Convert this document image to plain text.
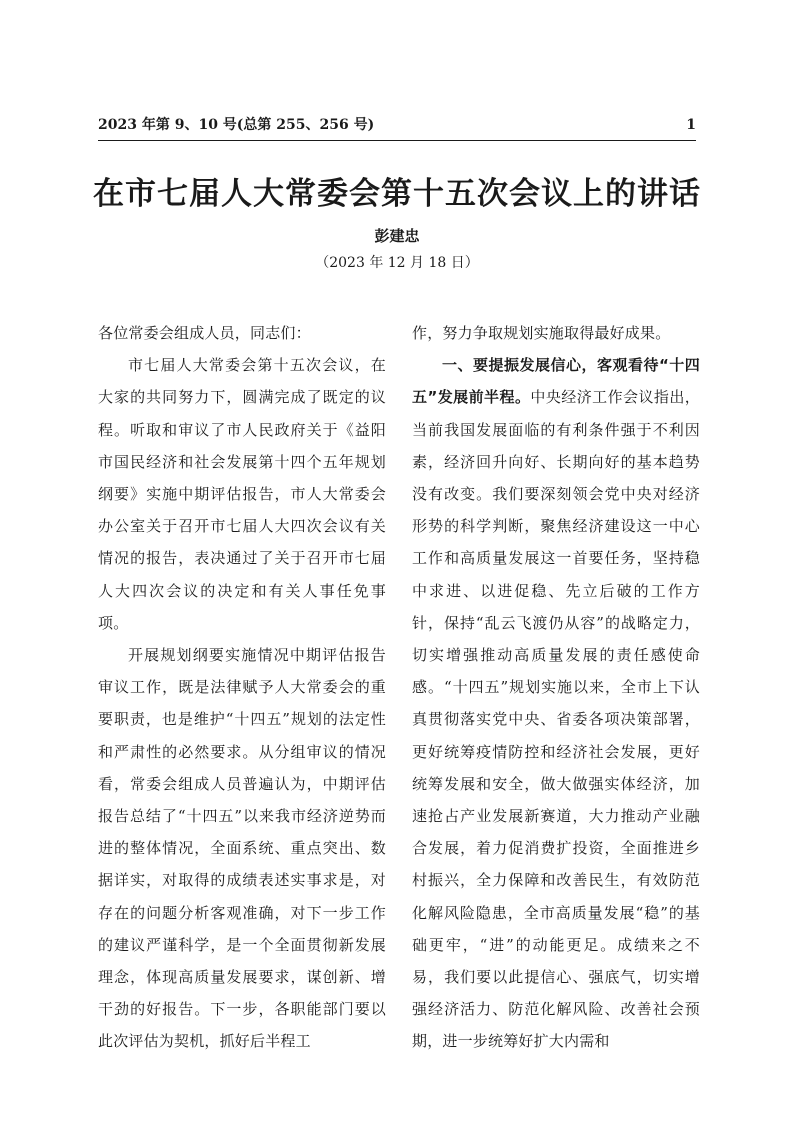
2023 年第 9、10 号(总第 255、256 号)	1
在市七届人大常委会第十五次会议上的讲话
彭建忠
（2023 年 12 月 18 日）

各位常委会组成人员，同志们：

市七届人大常委会第十五次会议，在大家的共同努力下，圆满完成了既定的议程。听取和审议了市人民政府关于《益阳市国民经济和社会发展第十四个五年规划纲要》实施中期评估报告，市人大常委会办公室关于召开市七届人大四次会议有关情况的报告，表决通过了关于召开市七届人大四次会议的决定和有关人事任免事项。

开展规划纲要实施情况中期评估报告审议工作，既是法律赋予人大常委会的重要职责，也是维护“十四五”规划的法定性和严肃性的必然要求。从分组审议的情况看，常委会组成人员普遍认为，中期评估报告总结了“十四五”以来我市经济逆势而进的整体情况，全面系统、重点突出、数据详实，对取得的成绩表述实事求是，对存在的问题分析客观准确，对下一步工作的建议严谨科学，是一个全面贯彻新发展理念，体现高质量发展要求，谋创新、增干劲的好报告。下一步，各职能部门要以此次评估为契机，抓好后半程工

作，努力争取规划实施取得最好成果。

一、要提振发展信心，客观看待“十四五”发展前半程。中央经济工作会议指出，当前我国发展面临的有利条件强于不利因素，经济回升向好、长期向好的基本趋势没有改变。我们要深刻领会党中央对经济形势的科学判断，聚焦经济建设这一中心工作和高质量发展这一首要任务，坚持稳中求进、以进促稳、先立后破的工作方针，保持“乱云飞渡仍从容”的战略定力，切实增强推动高质量发展的责任感使命感。“十四五”规划实施以来，全市上下认真贯彻落实党中央、省委各项决策部署，更好统筹疫情防控和经济社会发展，更好统筹发展和安全，做大做强实体经济，加速抢占产业发展新赛道，大力推动产业融合发展，着力促消费扩投资，全面推进乡村振兴，全力保障和改善民生，有效防范化解风险隐患，全市高质量发展“稳”的基础更牢，“进”的动能更足。成绩来之不易，我们要以此提信心、强底气，切实增强经济活力、防范化解风险、改善社会预期，进一步统筹好扩大内需和
